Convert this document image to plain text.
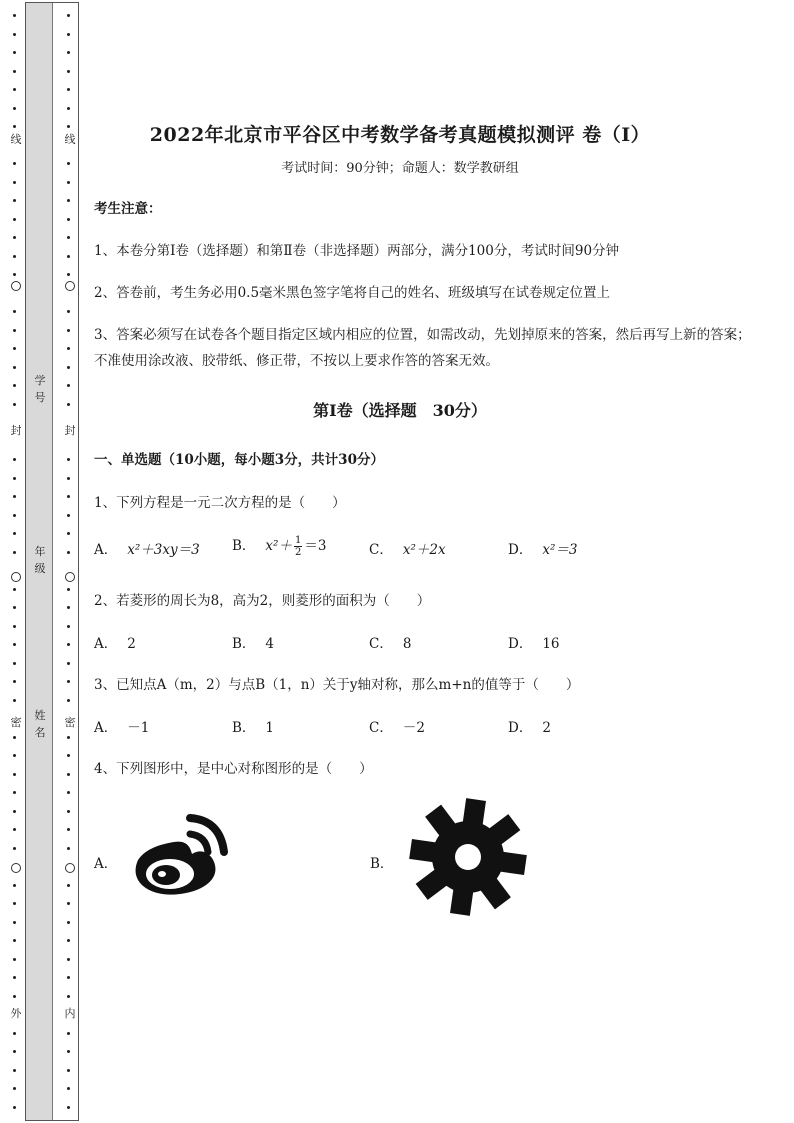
线
封
密
外
线
封
密
内
学号
年级
姓名
2022年北京市平谷区中考数学备考真题模拟测评 卷（Ⅰ）
考试时间：90分钟；命题人：数学教研组
考生注意：
1、本卷分第I卷（选择题）和第Ⅱ卷（非选择题）两部分，满分100分，考试时间90分钟
2、答卷前，考生务必用0.5毫米黑色签字笔将自己的姓名、班级填写在试卷规定位置上
3、答案必须写在试卷各个题目指定区域内相应的位置，如需改动，先划掉原来的答案，然后再写上新的答案；不准使用涂改液、胶带纸、修正带，不按以上要求作答的答案无效。
第I卷（选择题　30分）
一、单选题（10小题，每小题3分，共计30分）
1、下列方程是一元二次方程的是（　　）
A． x²＋3xy＝3 B． $x^2+ \frac{1}{2} =3$	C． x²＋2x	D． x²＝3
2、若菱形的周长为8，高为2，则菱形的面积为（　　）
A． 2	B． 4	C． 8	D． 16
3、已知点A（m，2）与点B（1，n）关于y轴对称，那么m+n的值等于（　　）
A． －1	B． 1	C． －2	D． 2
4、下列图形中，是中心对称图形的是（　　）
A．	B．
